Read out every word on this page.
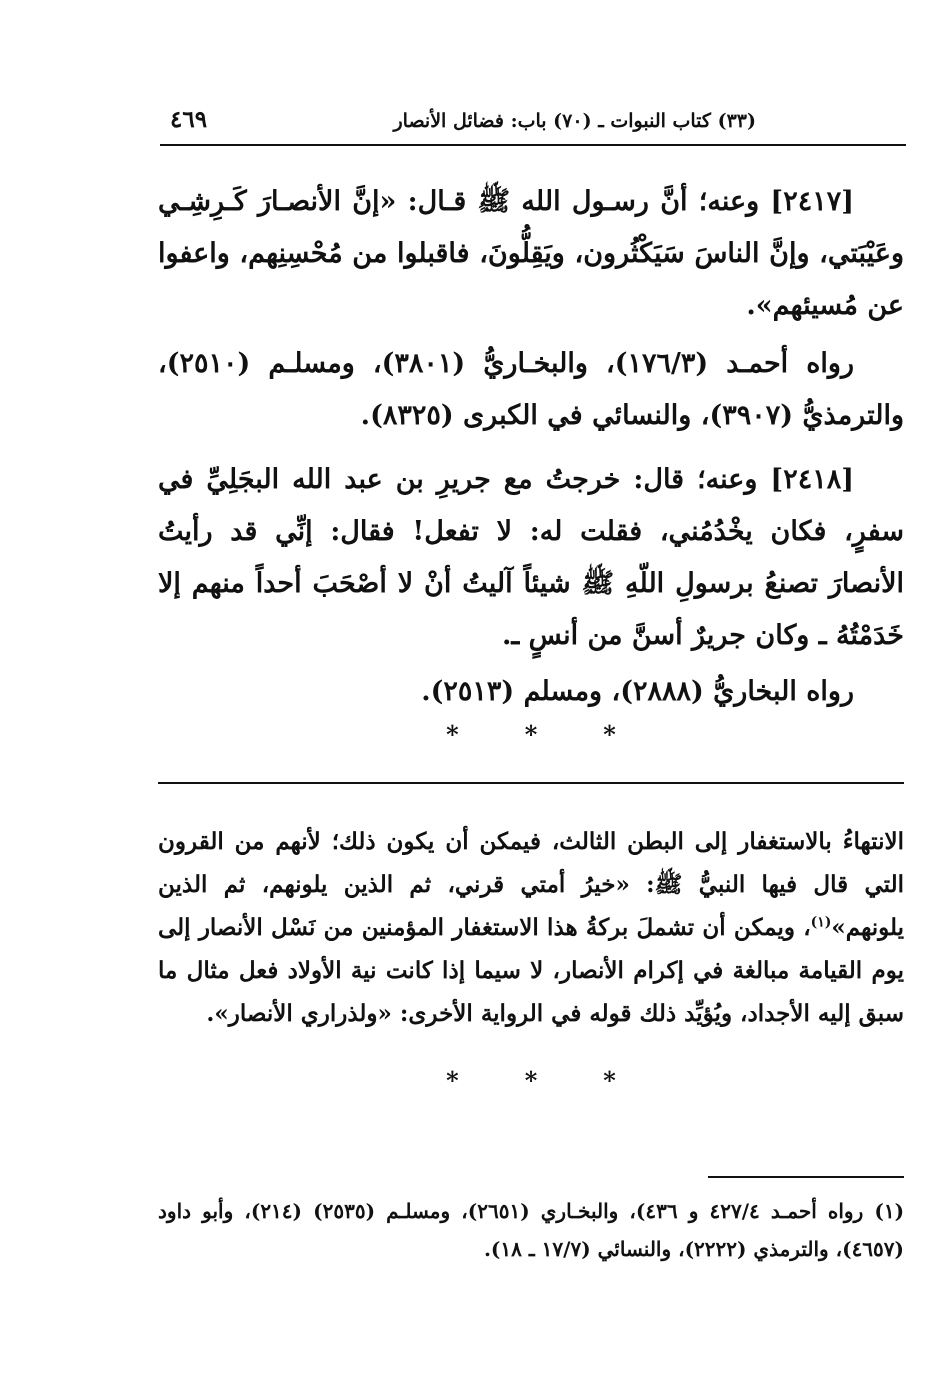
(٣٣) كتاب النبوات ـ (٧٠) باب: فضائل الأنصار
٤٦٩

[٢٤١٧] وعنه؛ أنَّ رسـول الله ﷺ قـال: «إنَّ الأنصـارَ كَـرِشِـي وعَيْبَتي، وإنَّ الناسَ سَيَكْثُرون، ويَقِلُّونَ، فاقبلوا من مُحْسِنِهم، واعفوا عن مُسيئهم».

رواه أحمـد (١٧٦/٣)، والبخـاريُّ (٣٨٠١)، ومسلـم (٢٥١٠)، والترمذيُّ (٣٩٠٧)، والنسائي في الكبرى (٨٣٢٥).

[٢٤١٨] وعنه؛ قال: خرجتُ مع جريرِ بن عبد الله البجَلِيِّ في سفرٍ، فكان يخْدُمُني، فقلت له: لا تفعل! فقال: إنِّي قد رأيتُ الأنصارَ تصنعُ برسولِ اللّهِ ﷺ شيئاً آليتُ أنْ لا أصْحَبَ أحداً منهم إلا خَدَمْتُهُ ـ وكان جريرٌ أسنَّ من أنسٍ ـ.

رواه البخاريُّ (٢٨٨٨)، ومسلم (٢٥١٣).

*
*
*

الانتهاءُ بالاستغفار إلى البطن الثالث، فيمكن أن يكون ذلك؛ لأنهم من القرون التي قال فيها النبيُّ ﷺ: «خيرُ أمتي قرني، ثم الذين يلونهم، ثم الذين يلونهم»$^{(١)}$، ويمكن أن تشملَ بركةُ هذا الاستغفار المؤمنين من نَسْل الأنصار إلى يوم القيامة مبالغة في إكرام الأنصار، لا سيما إذا كانت نية الأولاد فعل مثال ما سبق إليه الأجداد، ويُؤيِّد ذلك قوله في الرواية الأخرى: «ولذراري الأنصار».

*
*
*

(١) رواه أحمـد ٤٢٧/٤ و ٤٣٦)، والبخـاري (٢٦٥١)، ومسلـم (٢٥٣٥) (٢١٤)، وأبو داود (٤٦٥٧)، والترمذي (٢٢٢٢)، والنسائي (١٧/٧ ـ ١٨).
